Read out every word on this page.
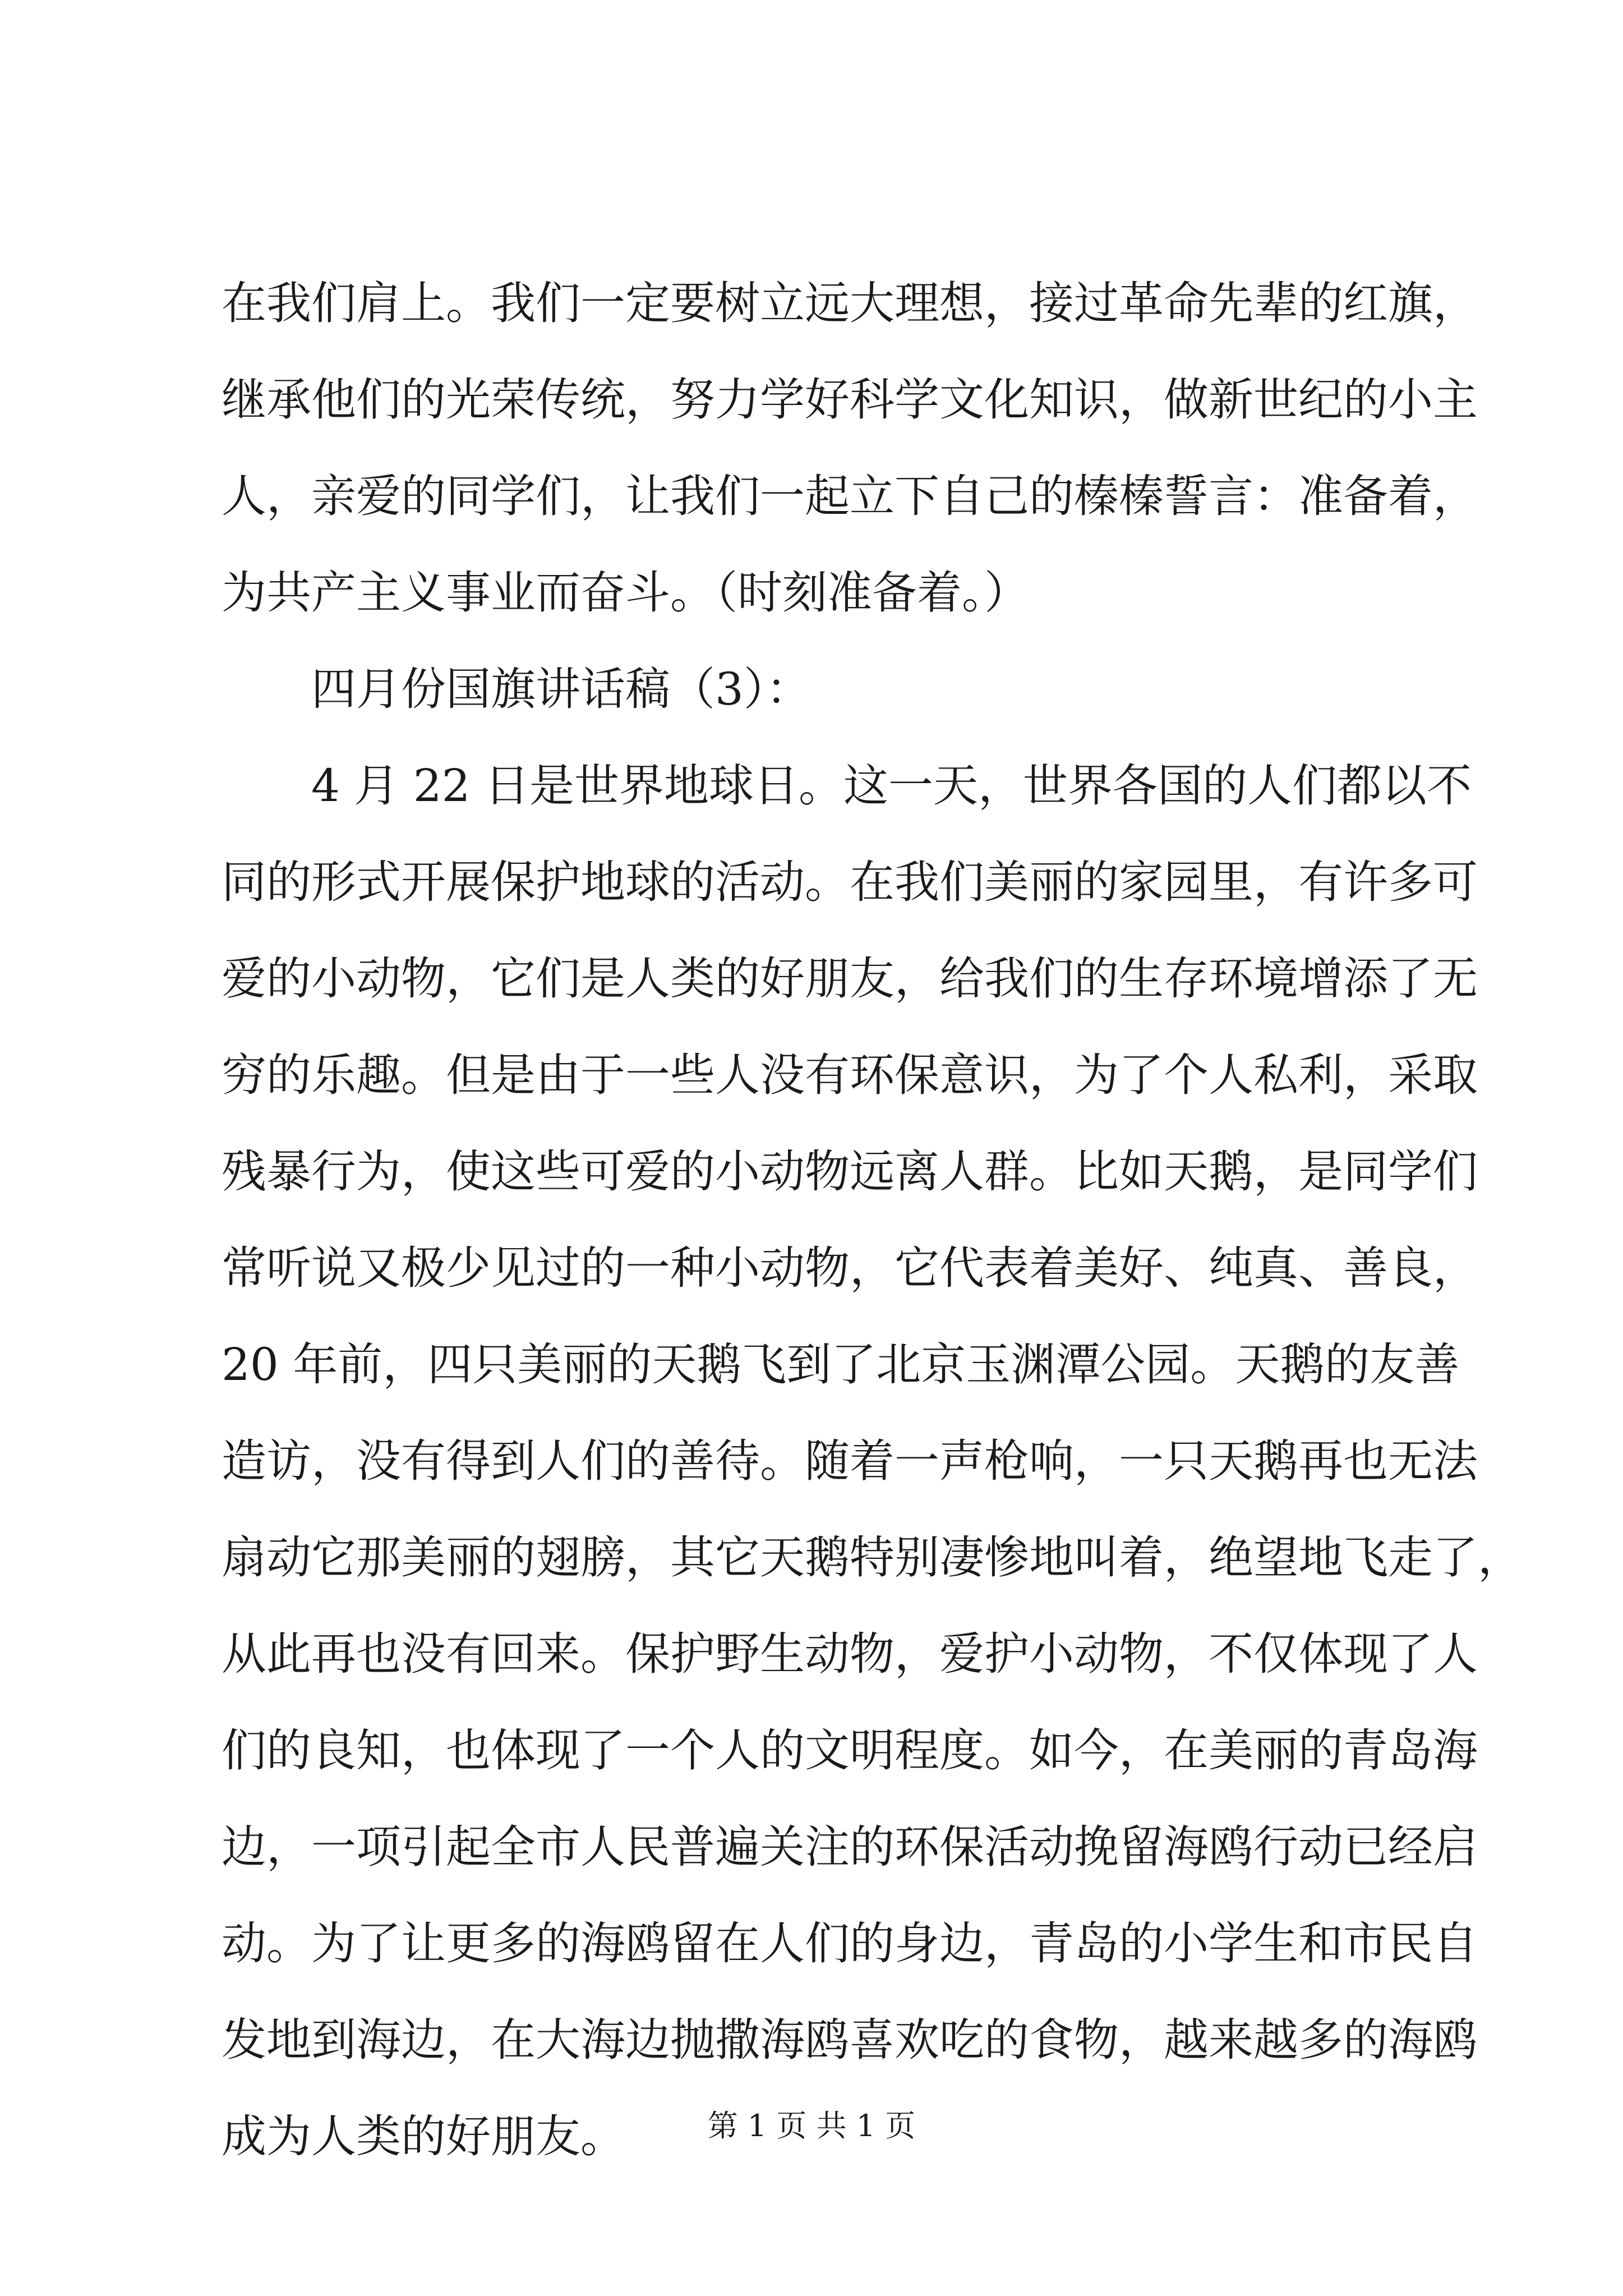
在我们肩上。我们一定要树立远大理想，接过革命先辈的红旗，
继承他们的光荣传统，努力学好科学文化知识，做新世纪的小主
人，亲爱的同学们，让我们一起立下自己的榛榛誓言：准备着，
为共产主义事业而奋斗。（时刻准备着。）
四月份国旗讲话稿（3）：
4 月 22 日是世界地球日。这一天，世界各国的人们都以不
同的形式开展保护地球的活动。在我们美丽的家园里，有许多可
爱的小动物，它们是人类的好朋友，给我们的生存环境增添了无
穷的乐趣。但是由于一些人没有环保意识，为了个人私利，采取
残暴行为，使这些可爱的小动物远离人群。比如天鹅，是同学们
常听说又极少见过的一种小动物，它代表着美好、纯真、善良，
20 年前，四只美丽的天鹅飞到了北京玉渊潭公园。天鹅的友善
造访，没有得到人们的善待。随着一声枪响，一只天鹅再也无法
扇动它那美丽的翅膀，其它天鹅特别凄惨地叫着，绝望地飞走了，
从此再也没有回来。保护野生动物，爱护小动物，不仅体现了人
们的良知，也体现了一个人的文明程度。如今，在美丽的青岛海
边，一项引起全市人民普遍关注的环保活动挽留海鸥行动已经启
动。为了让更多的海鸥留在人们的身边，青岛的小学生和市民自
发地到海边，在大海边抛撒海鸥喜欢吃的食物，越来越多的海鸥
成为人类的好朋友。	第 1 页 共 1 页
